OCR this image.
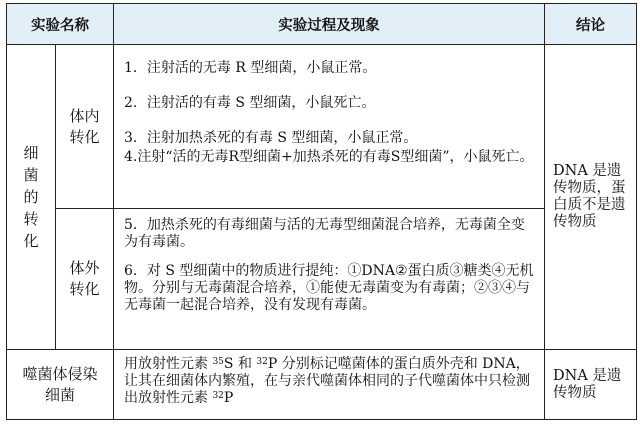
实验名称		实验过程及现象	结论
细菌的转化	体内转化	1．注射活的无毒 R 型细菌，小鼠正常。

2．注射活的有毒 S 型细菌，小鼠死亡。

3．注射加热杀死的有毒 S 型细菌，小鼠正常。

4.注射“活的无毒R型细菌+加热杀死的有毒S型细菌”，小鼠死亡。	DNA 是遗传物质，蛋白质不是遗传物质
	体外转化	5．加热杀死的有毒细菌与活的无毒型细菌混合培养，无毒菌全变为有毒菌。

6．对 S 型细菌中的物质进行提纯：①DNA②蛋白质③糖类④无机物。分别与无毒菌混合培养，①能使无毒菌变为有毒菌；②③④与无毒菌一起混合培养，没有发现有毒菌。	

噬菌体侵染细菌		用放射性元素 $^{35}$S 和 $^{32}$P 分别标记噬菌体的蛋白质外壳和 DNA，让其在细菌体内繁殖，在与亲代噬菌体相同的子代噬菌体中只检测出放射性元素 $^{32}$P	DNA 是遗传物质
